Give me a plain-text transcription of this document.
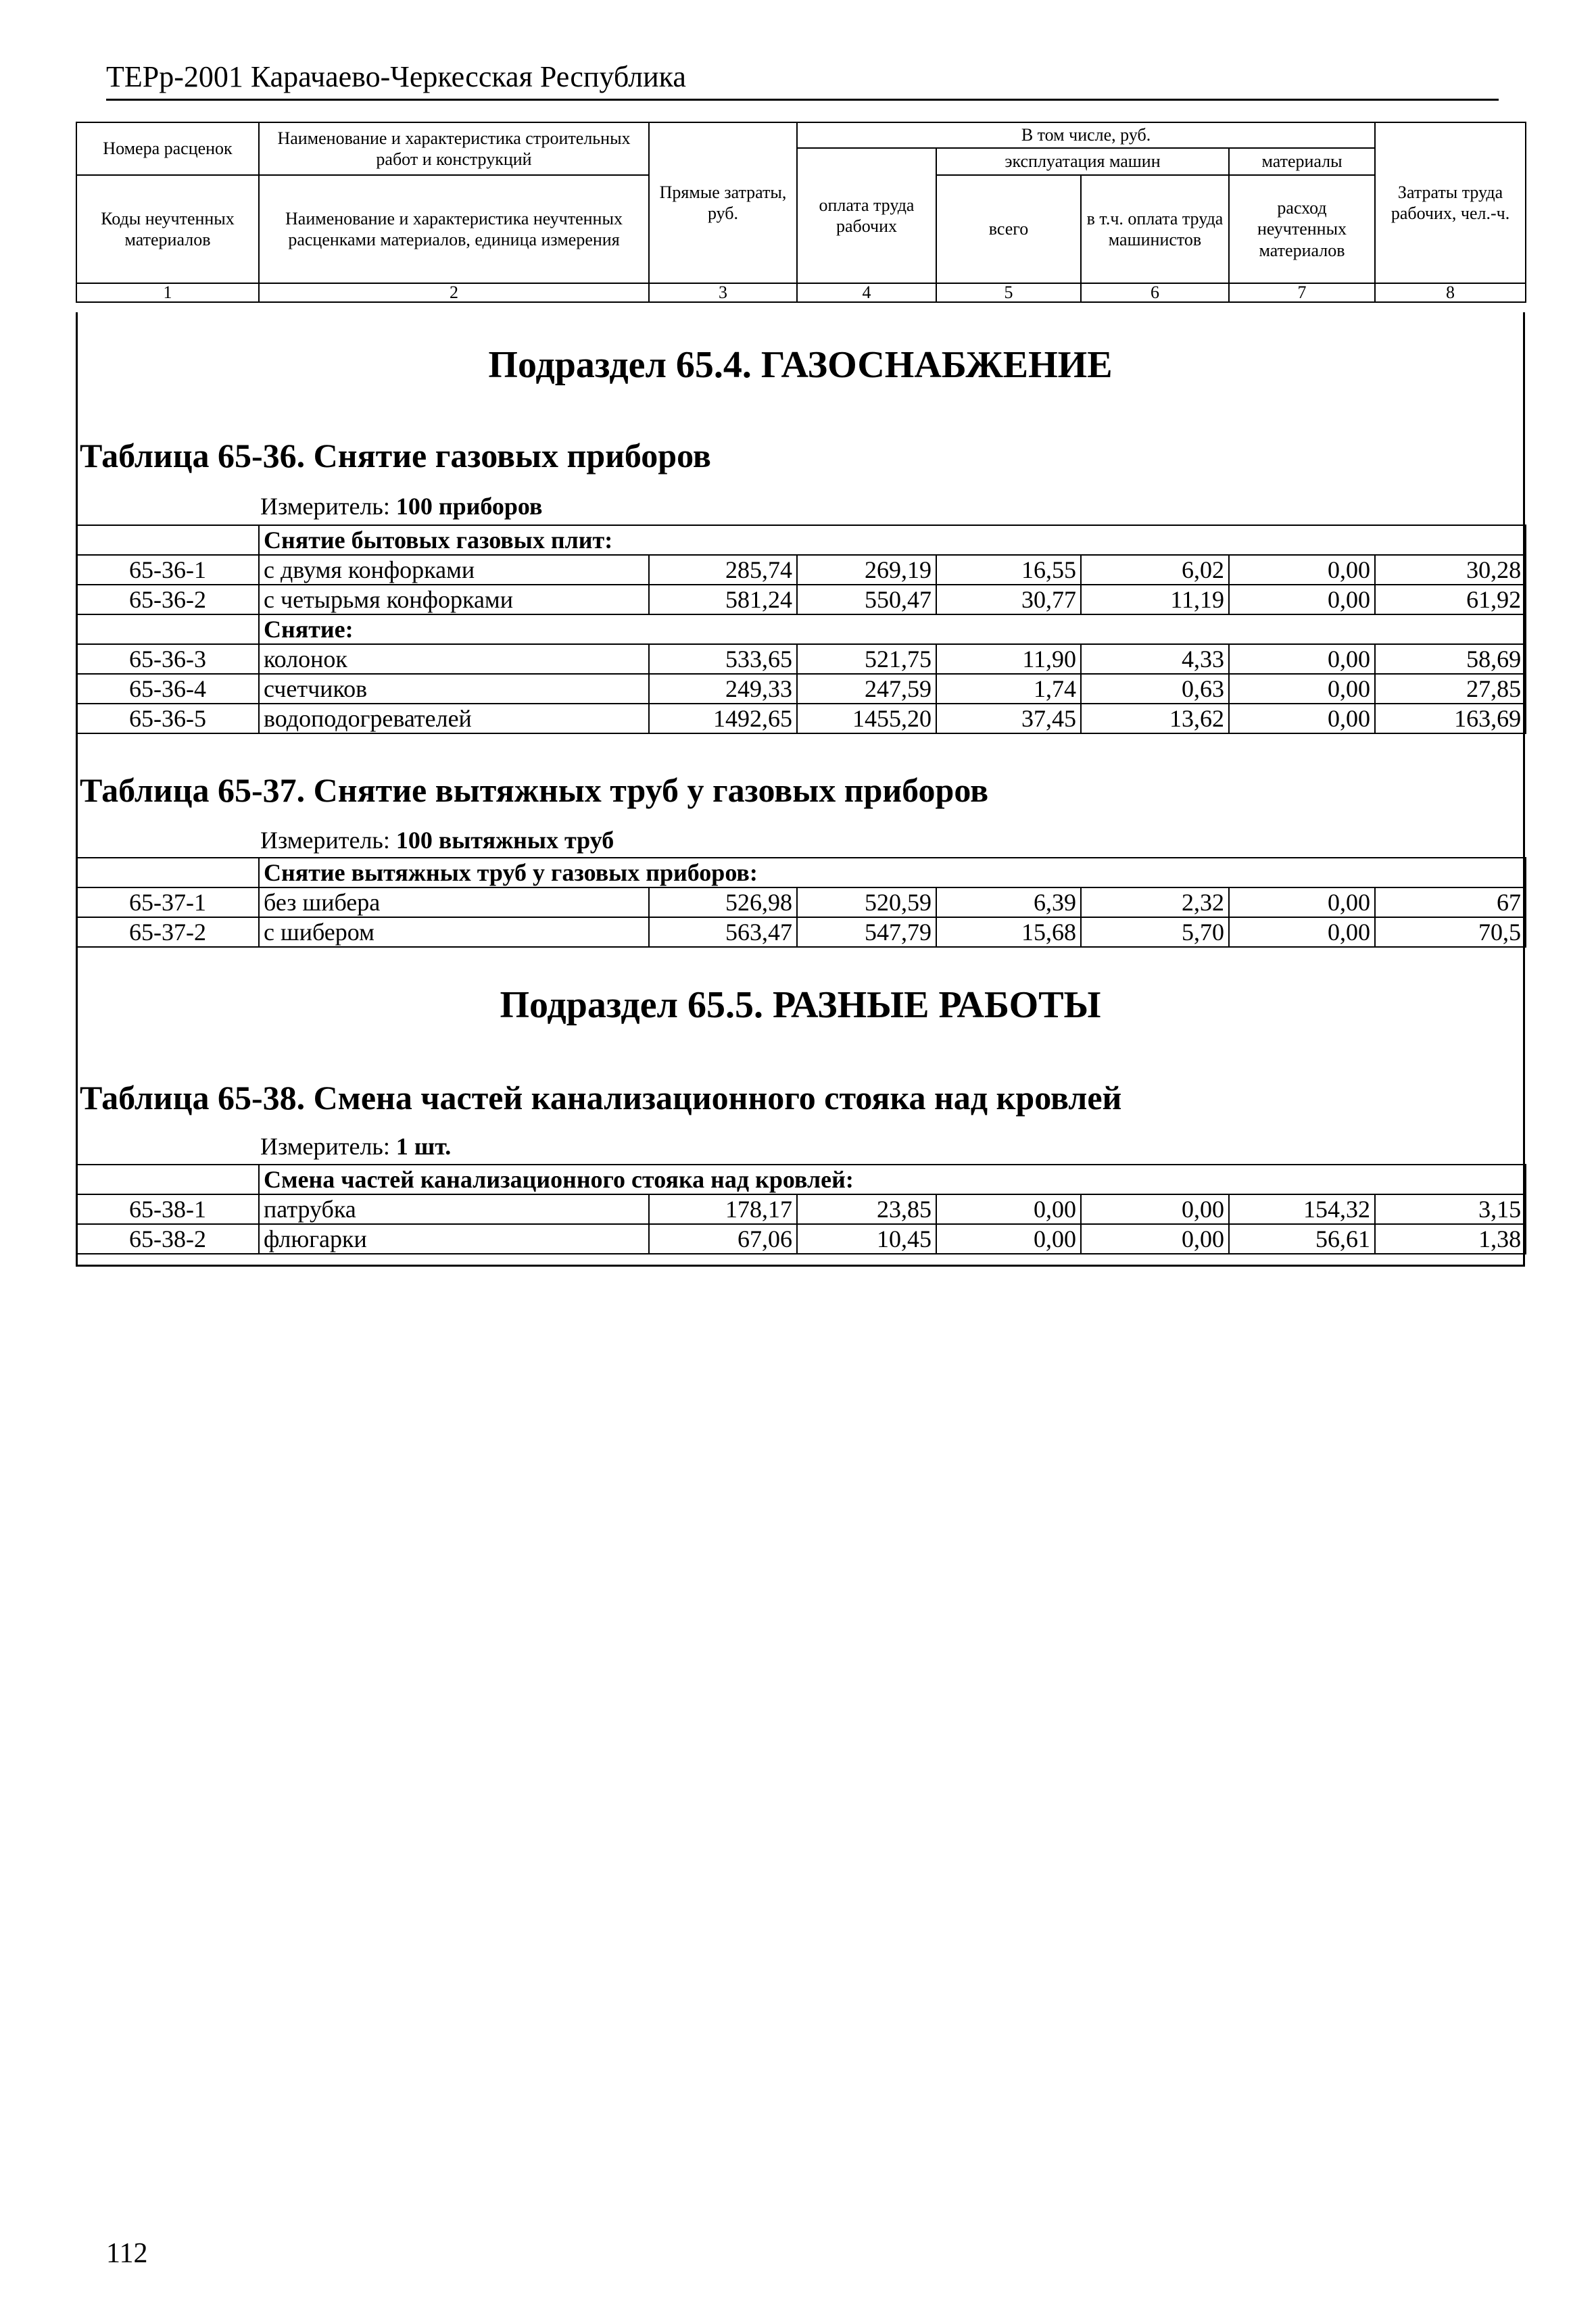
ТЕРр-2001 Карачаево-Черкесская Республика
Номера расценок	Наименование и характеристика строительных работ и конструкций	Прямые затраты, руб.	В том числе, руб.				Затраты труда рабочих, чел.-ч.
			оплата труда рабочих	эксплуатация машин		материалы	
Коды неучтенных материалов	Наименование и характеристика неучтенных расценками материалов, единица измерения			всего	в т.ч. оплата труда машинистов	расход неучтенных материалов	

1	2	3	4	5	6	7	8
Подраздел 65.4. ГАЗОСНАБЖЕНИЕ
Таблица 65-36. Снятие газовых приборов
Измеритель: 100 приборов
	Снятие бытовых газовых плит:						
65-36-1	с двумя конфорками	285,74	269,19	16,55	6,02	0,00	30,28
65-36-2	с четырьмя конфорками	581,24	550,47	30,77	11,19	0,00	61,92
	Снятие:						
65-36-3	колонок	533,65	521,75	11,90	4,33	0,00	58,69
65-36-4	счетчиков	249,33	247,59	1,74	0,63	0,00	27,85
65-36-5	водоподогревателей	1492,65	1455,20	37,45	13,62	0,00	163,69
Таблица 65-37. Снятие вытяжных труб у газовых приборов
Измеритель: 100 вытяжных труб
	Снятие вытяжных труб у газовых приборов:						
65-37-1	без шибера	526,98	520,59	6,39	2,32	0,00	67
65-37-2	с шибером	563,47	547,79	15,68	5,70	0,00	70,5
Подраздел 65.5. РАЗНЫЕ РАБОТЫ
Таблица 65-38. Смена частей канализационного стояка над кровлей
Измеритель: 1 шт.
	Смена частей канализационного стояка над кровлей:						
65-38-1	патрубка	178,17	23,85	0,00	0,00	154,32	3,15
65-38-2	флюгарки	67,06	10,45	0,00	0,00	56,61	1,38
112
